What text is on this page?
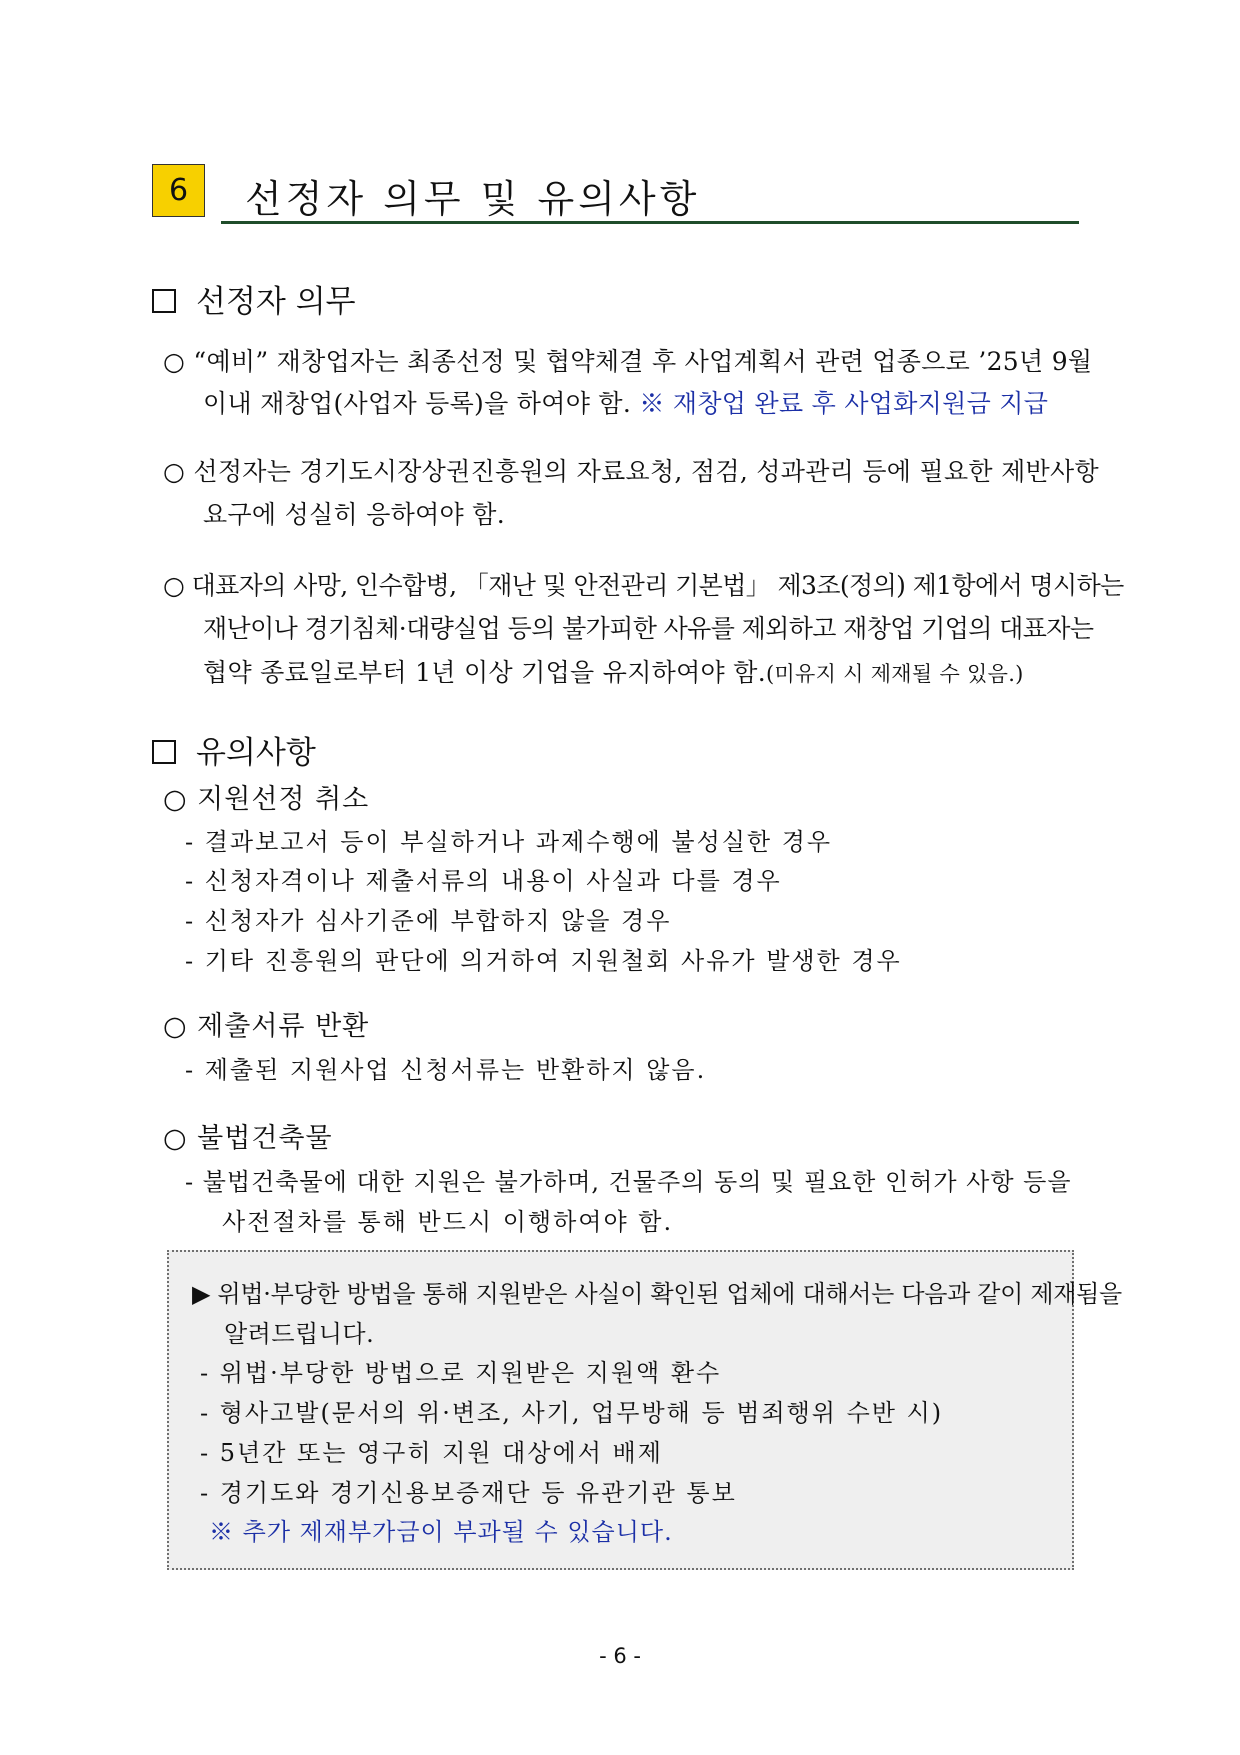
6	선정자 의무 및 유의사항
선정자 의무
○ “예비” 재창업자는 최종선정 및 협약체결 후 사업계획서 관련 업종으로 ’25년 9월
이내 재창업(사업자 등록)을 하여야 함. ※ 재창업 완료 후 사업화지원금 지급
○ 선정자는 경기도시장상권진흥원의 자료요청, 점검, 성과관리 등에 필요한 제반사항
요구에 성실히 응하여야 함.
○ 대표자의 사망, 인수합병, 「재난 및 안전관리 기본법」 제3조(정의) 제1항에서 명시하는
재난이나 경기침체·대량실업 등의 불가피한 사유를 제외하고 재창업 기업의 대표자는
협약 종료일로부터 1년 이상 기업을 유지하여야 함.(미유지 시 제재될 수 있음.)
유의사항
○ 지원선정 취소
- 결과보고서 등이 부실하거나 과제수행에 불성실한 경우
- 신청자격이나 제출서류의 내용이 사실과 다를 경우
- 신청자가 심사기준에 부합하지 않을 경우
- 기타 진흥원의 판단에 의거하여 지원철회 사유가 발생한 경우
○ 제출서류 반환
- 제출된 지원사업 신청서류는 반환하지 않음.
○ 불법건축물
- 불법건축물에 대한 지원은 불가하며, 건물주의 동의 및 필요한 인허가 사항 등을
사전절차를 통해 반드시 이행하여야 함.
▶ 위법·부당한 방법을 통해 지원받은 사실이 확인된 업체에 대해서는 다음과 같이 제재됨을
알려드립니다.
- 위법·부당한 방법으로 지원받은 지원액 환수
- 형사고발(문서의 위·변조, 사기, 업무방해 등 범죄행위 수반 시)
- 5년간 또는 영구히 지원 대상에서 배제
- 경기도와 경기신용보증재단 등 유관기관 통보
※ 추가 제재부가금이 부과될 수 있습니다.
- 6 -
